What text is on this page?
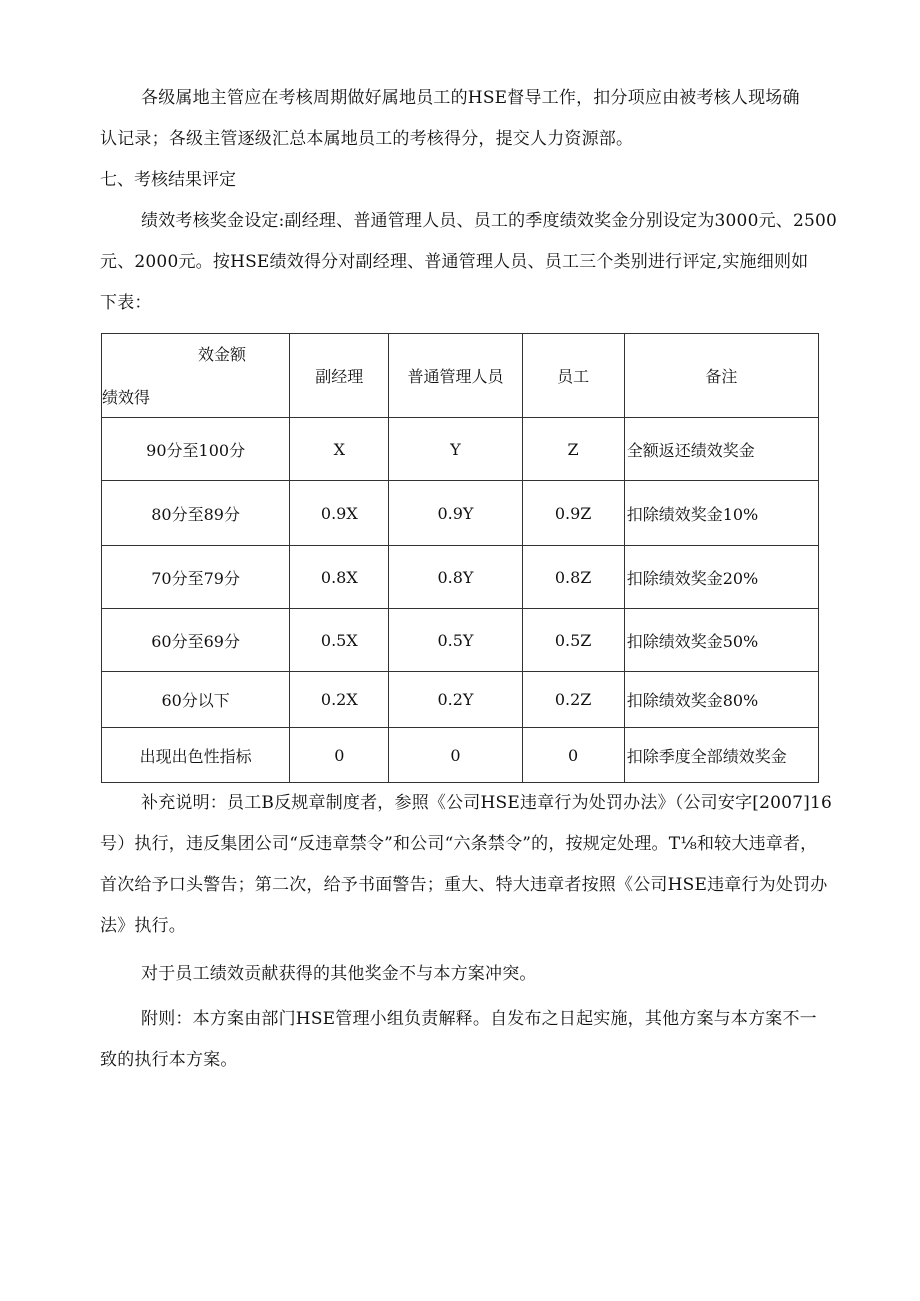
各级属地主管应在考核周期做好属地员工的HSE督导工作，扣分项应由被考核人现场确
认记录；各级主管逐级汇总本属地员工的考核得分，提交人力资源部。
七、考核结果评定
绩效考核奖金设定:副经理、普通管理人员、员工的季度绩效奖金分别设定为3000元、2500
元、2000元。按HSE绩效得分对副经理、普通管理人员、员工三个类别进行评定,实施细则如
下表：
效金额
绩效得	副经理	普通管理人员	员工	备注
90分至100分	X	Y	Z	全额返还绩效奖金
80分至89分	0.9X	0.9Y	0.9Z	扣除绩效奖金10%
70分至79分	0.8X	0.8Y	0.8Z	扣除绩效奖金20%
60分至69分	0.5X	0.5Y	0.5Z	扣除绩效奖金50%
60分以下	0.2X	0.2Y	0.2Z	扣除绩效奖金80%
出现出色性指标	0	0	0	扣除季度全部绩效奖金
补充说明：员工B反规章制度者，参照《公司HSE违章行为处罚办法》（公司安字[2007]16
号）执行，违反集团公司“反违章禁令”和公司“六条禁令”的，按规定处理。T⅛和较大违章者，
首次给予口头警告；第二次，给予书面警告；重大、特大违章者按照《公司HSE违章行为处罚办
法》执行。
对于员工绩效贡献获得的其他奖金不与本方案冲突。
附则：本方案由部门HSE管理小组负责解释。自发布之日起实施，其他方案与本方案不一
致的执行本方案。
